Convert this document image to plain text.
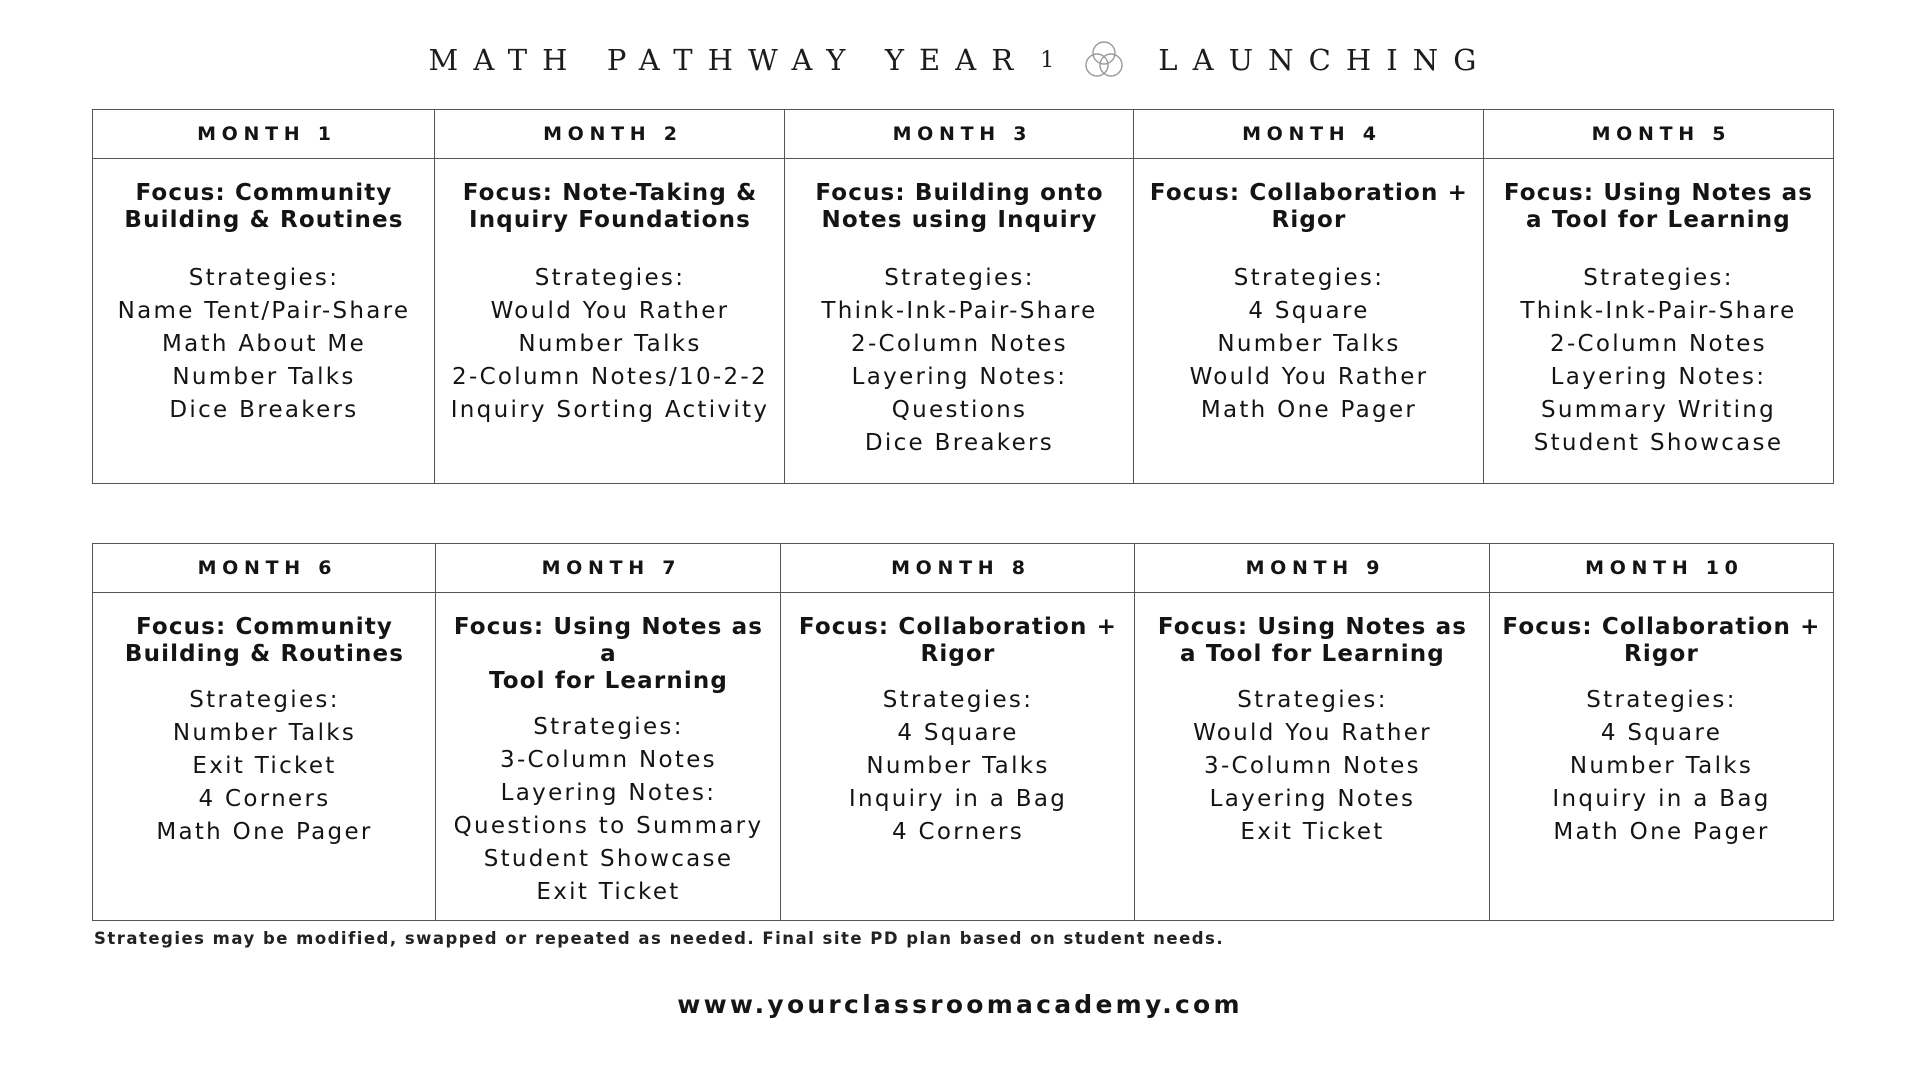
MATH PATHWAY YEAR 1	LAUNCHING
MONTH 1
Focus: Community
Building & Routines
Strategies:
Name Tent/Pair-Share
Math About Me
Number Talks
Dice Breakers
MONTH 2
Focus: Note-Taking &
Inquiry Foundations
Strategies:
Would You Rather
Number Talks
2-Column Notes/10-2-2
Inquiry Sorting Activity
MONTH 3
Focus: Building onto
Notes using Inquiry
Strategies:
Think-Ink-Pair-Share
2-Column Notes
Layering Notes:
Questions
Dice Breakers
MONTH 4
Focus: Collaboration +
Rigor
Strategies:
4 Square
Number Talks
Would You Rather
Math One Pager
MONTH 5
Focus: Using Notes as
a Tool for Learning
Strategies:
Think-Ink-Pair-Share
2-Column Notes
Layering Notes:
Summary Writing
Student Showcase
MONTH 6
Focus: Community
Building & Routines
Strategies:
Number Talks
Exit Ticket
4 Corners
Math One Pager
MONTH 7
Focus: Using Notes as a
Tool for Learning
Strategies:
3-Column Notes
Layering Notes:
Questions to Summary
Student Showcase
Exit Ticket
MONTH 8
Focus: Collaboration +
Rigor
Strategies:
4 Square
Number Talks
Inquiry in a Bag
4 Corners
MONTH 9
Focus: Using Notes as
a Tool for Learning
Strategies:
Would You Rather
3-Column Notes
Layering Notes
Exit Ticket
MONTH 10
Focus: Collaboration +
Rigor
Strategies:
4 Square
Number Talks
Inquiry in a Bag
Math One Pager
Strategies may be modified, swapped or repeated as needed. Final site PD plan based on student needs.
www.yourclassroomacademy.com
